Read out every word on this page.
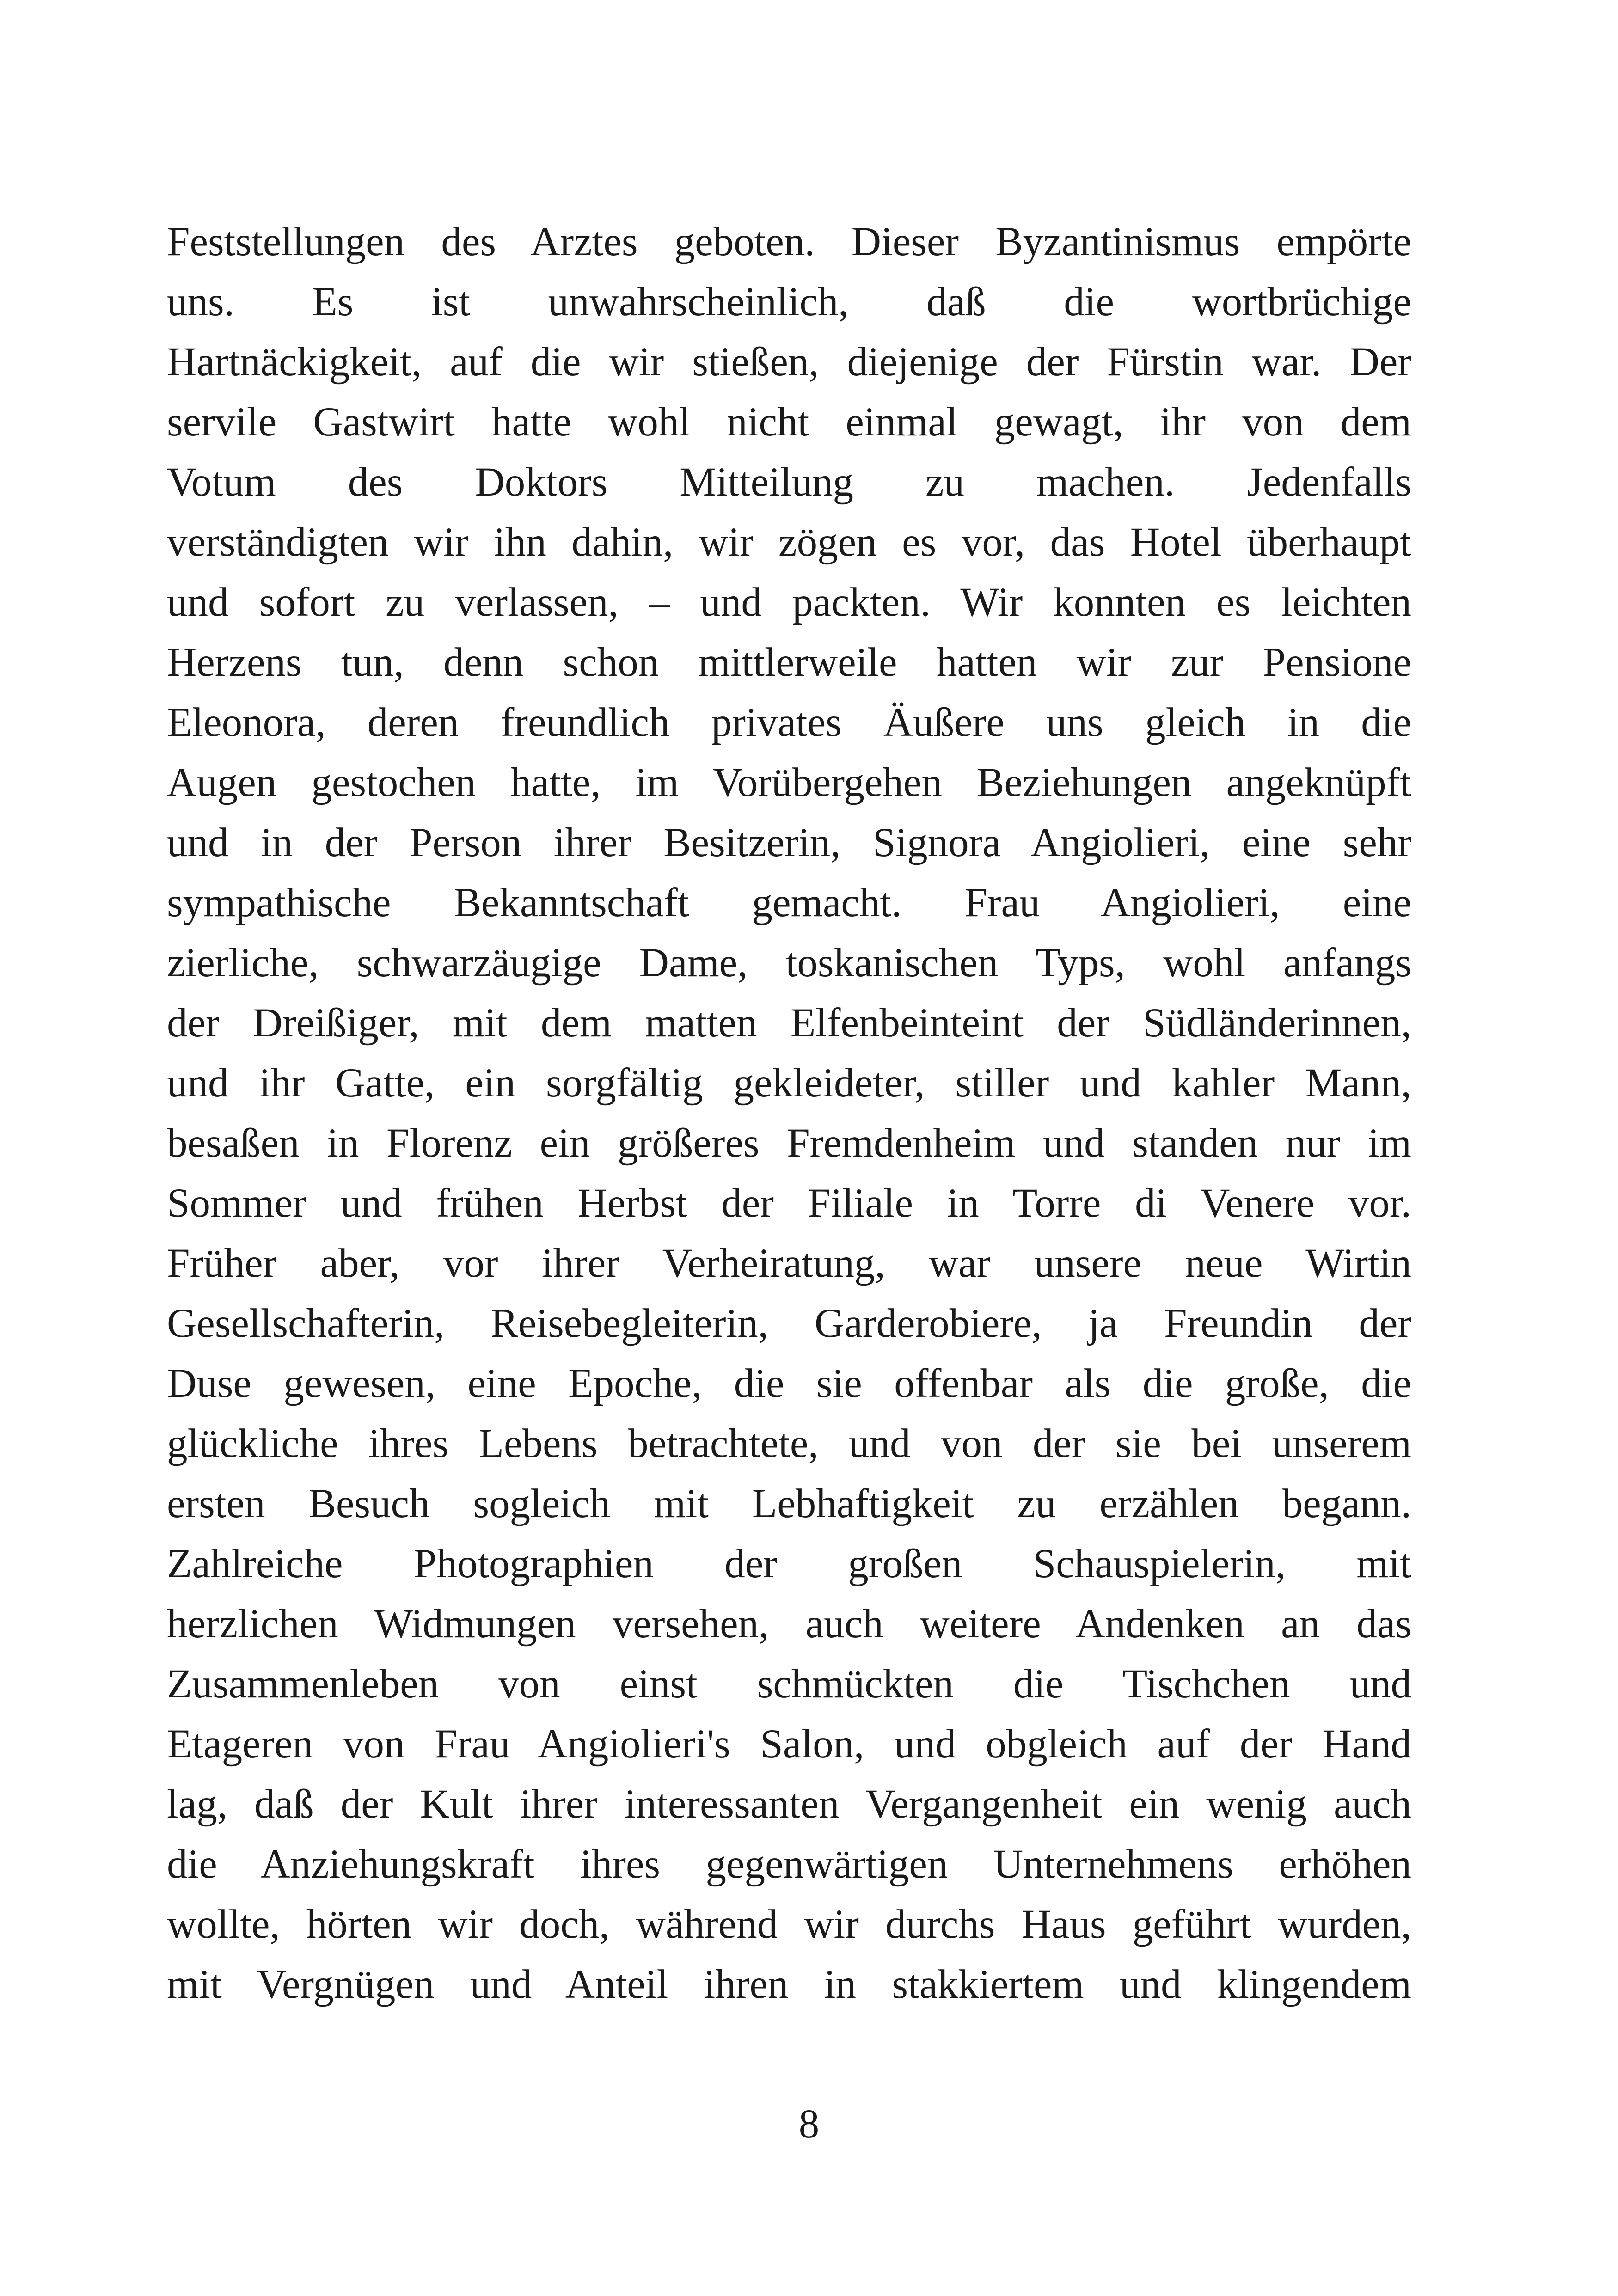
Feststellungen des Arztes geboten. Dieser Byzantinismus empörte
uns. Es ist unwahrscheinlich, daß die wortbrüchige
Hartnäckigkeit, auf die wir stießen, diejenige der Fürstin war. Der
servile Gastwirt hatte wohl nicht einmal gewagt, ihr von dem
Votum des Doktors Mitteilung zu machen. Jedenfalls
verständigten wir ihn dahin, wir zögen es vor, das Hotel überhaupt
und sofort zu verlassen, – und packten. Wir konnten es leichten
Herzens tun, denn schon mittlerweile hatten wir zur Pensione
Eleonora, deren freundlich privates Äußere uns gleich in die
Augen gestochen hatte, im Vorübergehen Beziehungen angeknüpft
und in der Person ihrer Besitzerin, Signora Angiolieri, eine sehr
sympathische Bekanntschaft gemacht. Frau Angiolieri, eine
zierliche, schwarzäugige Dame, toskanischen Typs, wohl anfangs
der Dreißiger, mit dem matten Elfenbeinteint der Südländerinnen,
und ihr Gatte, ein sorgfältig gekleideter, stiller und kahler Mann,
besaßen in Florenz ein größeres Fremdenheim und standen nur im
Sommer und frühen Herbst der Filiale in Torre di Venere vor.
Früher aber, vor ihrer Verheiratung, war unsere neue Wirtin
Gesellschafterin, Reisebegleiterin, Garderobiere, ja Freundin der
Duse gewesen, eine Epoche, die sie offenbar als die große, die
glückliche ihres Lebens betrachtete, und von der sie bei unserem
ersten Besuch sogleich mit Lebhaftigkeit zu erzählen begann.
Zahlreiche Photographien der großen Schauspielerin, mit
herzlichen Widmungen versehen, auch weitere Andenken an das
Zusammenleben von einst schmückten die Tischchen und
Etageren von Frau Angiolieri's Salon, und obgleich auf der Hand
lag, daß der Kult ihrer interessanten Vergangenheit ein wenig auch
die Anziehungskraft ihres gegenwärtigen Unternehmens erhöhen
wollte, hörten wir doch, während wir durchs Haus geführt wurden,
mit Vergnügen und Anteil ihren in stakkiertem und klingendem
8
